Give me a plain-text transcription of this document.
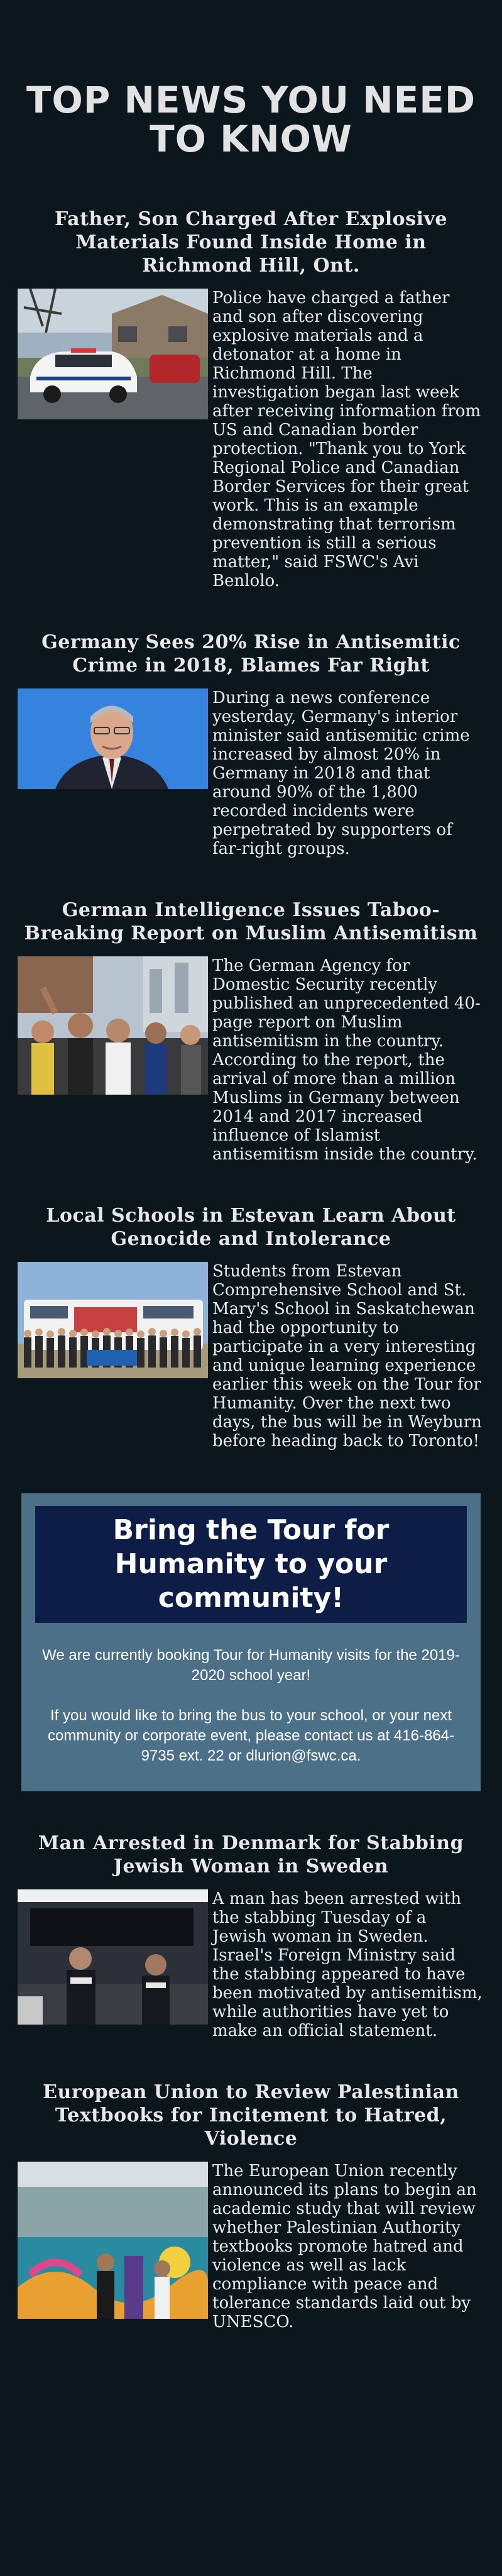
TOP NEWS YOU NEED TO KNOW
Father, Son Charged After Explosive Materials Found Inside Home in Richmond Hill, Ont.

Police have charged a father and son after discovering explosive materials and a detonator at a home in Richmond Hill. The investigation began last week after receiving information from US and Canadian border protection. "Thank you to York Regional Police and Canadian Border Services for their great work. This is an example demonstrating that terrorism prevention is still a serious matter," said FSWC's Avi Benlolo.

Germany Sees 20% Rise in Antisemitic Crime in 2018, Blames Far Right

During a news conference yesterday, Germany's interior minister said antisemitic crime increased by almost 20% in Germany in 2018 and that around 90% of the 1,800 recorded incidents were perpetrated by supporters of far-right groups.

German Intelligence Issues Taboo-Breaking Report on Muslim Antisemitism

The German Agency for Domestic Security recently published an unprecedented 40-page report on Muslim antisemitism in the country. According to the report, the arrival of more than a million Muslims in Germany between 2014 and 2017 increased influence of Islamist antisemitism inside the country.

Local Schools in Estevan Learn About Genocide and Intolerance

Students from Estevan Comprehensive School and St. Mary's School in Saskatchewan had the opportunity to participate in a very interesting and unique learning experience earlier this week on the Tour for Humanity. Over the next two days, the bus will be in Weyburn before heading back to Toronto!

Bring the Tour for Humanity to your community!

We are currently booking Tour for Humanity visits for the 2019-2020 school year!

If you would like to bring the bus to your school, or your next community or corporate event, please contact us at 416-864-9735 ext. 22 or dlurion@fswc.ca.

Man Arrested in Denmark for Stabbing Jewish Woman in Sweden

A man has been arrested with the stabbing Tuesday of a Jewish woman in Sweden. Israel's Foreign Ministry said the stabbing appeared to have been motivated by antisemitism, while authorities have yet to make an official statement.

European Union to Review Palestinian Textbooks for Incitement to Hatred, Violence

The European Union recently announced its plans to begin an academic study that will review whether Palestinian Authority textbooks promote hatred and violence as well as lack compliance with peace and tolerance standards laid out by UNESCO.
